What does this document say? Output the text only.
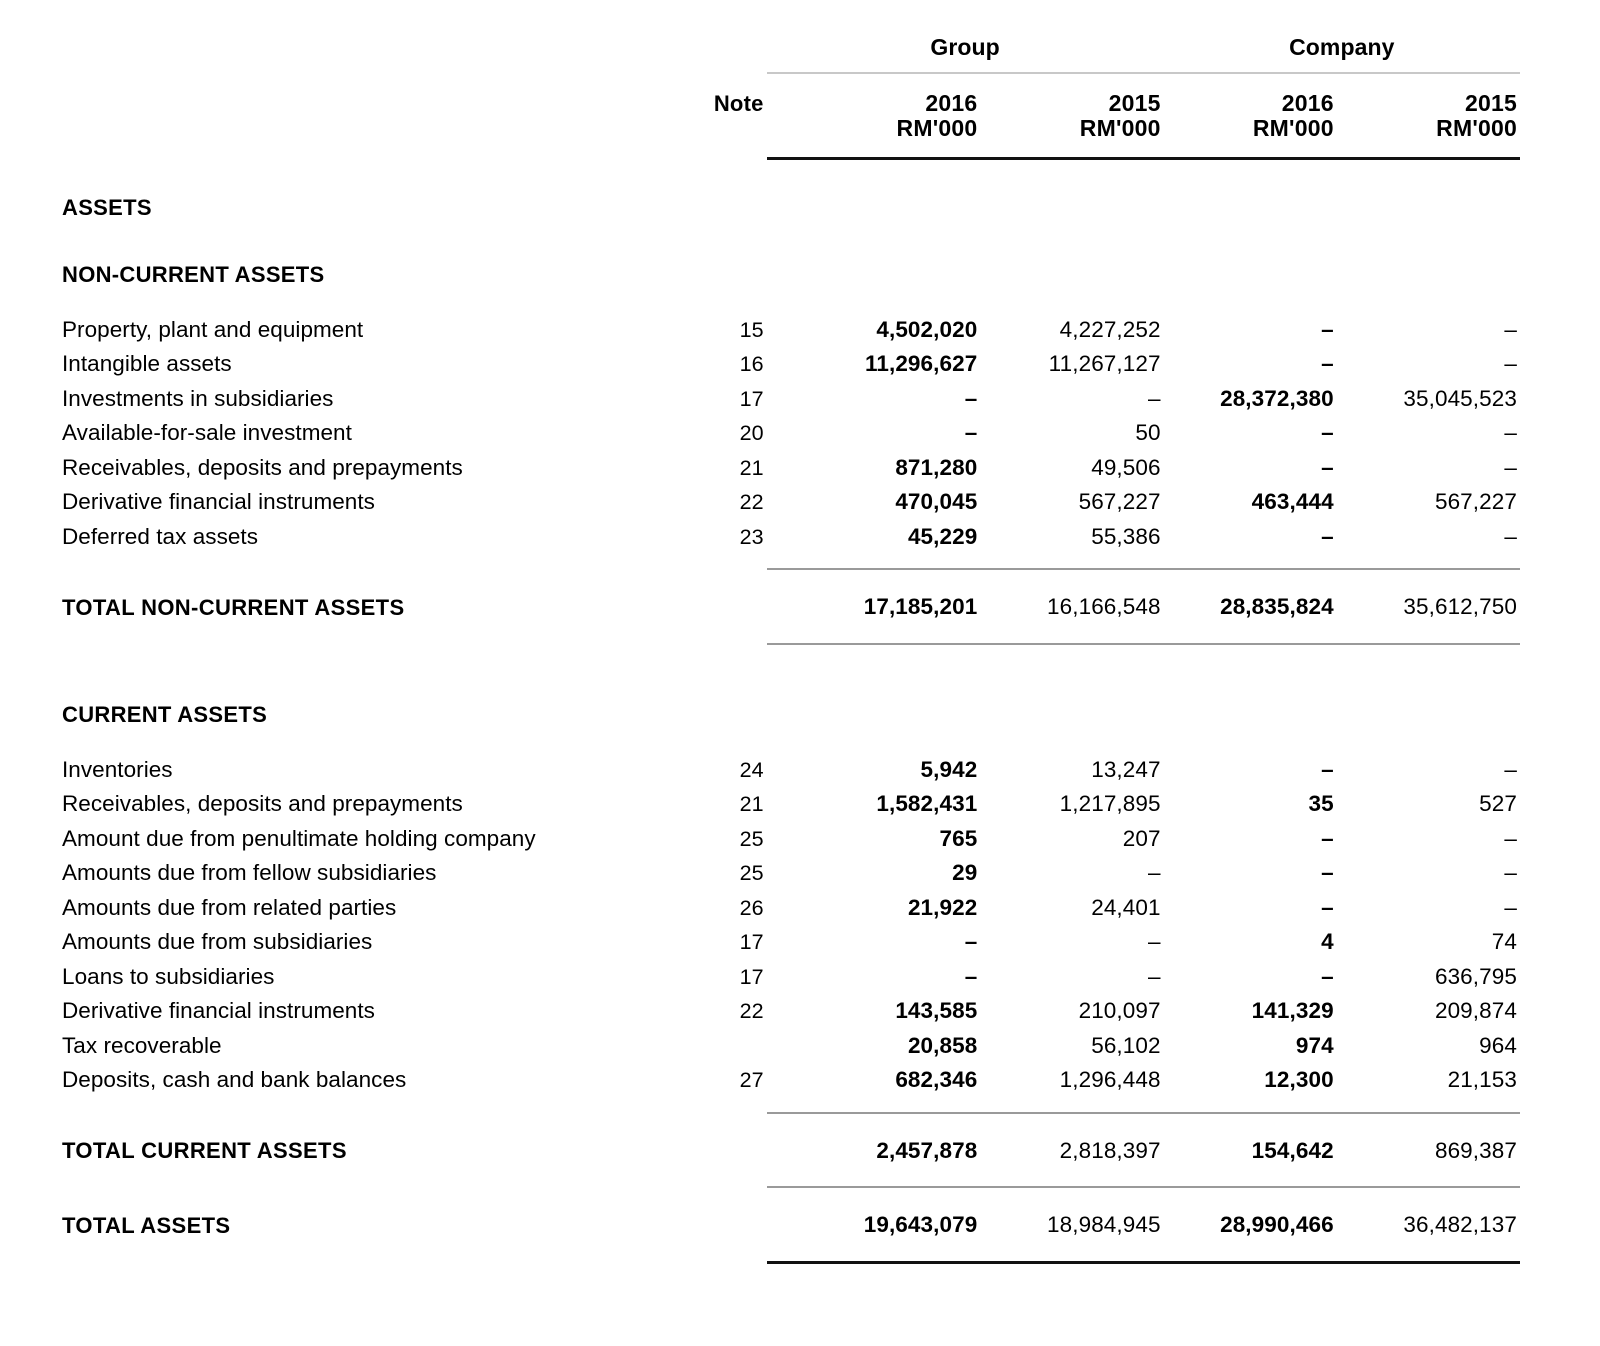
		Group		Company	

	Note	2016	2015	2016	2015
		RM'000	RM'000	RM'000	RM'000

ASSETS					
NON-CURRENT ASSETS					
Property, plant and equipment	15	4,502,020	4,227,252	–	–
Intangible assets	16	11,296,627	11,267,127	–	–
Investments in subsidiaries	17	–	–	28,372,380	35,045,523
Available-for-sale investment	20	–	50	–	–
Receivables, deposits and prepayments	21	871,280	49,506	–	–
Derivative financial instruments	22	470,045	567,227	463,444	567,227
Deferred tax assets	23	45,229	55,386	–	–

TOTAL NON-CURRENT ASSETS		17,185,201	16,166,548	28,835,824	35,612,750

CURRENT ASSETS					
Inventories	24	5,942	13,247	–	–
Receivables, deposits and prepayments	21	1,582,431	1,217,895	35	527
Amount due from penultimate holding company	25	765	207	–	–
Amounts due from fellow subsidiaries	25	29	–	–	–
Amounts due from related parties	26	21,922	24,401	–	–
Amounts due from subsidiaries	17	–	–	4	74
Loans to subsidiaries	17	–	–	–	636,795
Derivative financial instruments	22	143,585	210,097	141,329	209,874
Tax recoverable		20,858	56,102	974	964
Deposits, cash and bank balances	27	682,346	1,296,448	12,300	21,153

TOTAL CURRENT ASSETS		2,457,878	2,818,397	154,642	869,387

TOTAL ASSETS		19,643,079	18,984,945	28,990,466	36,482,137
